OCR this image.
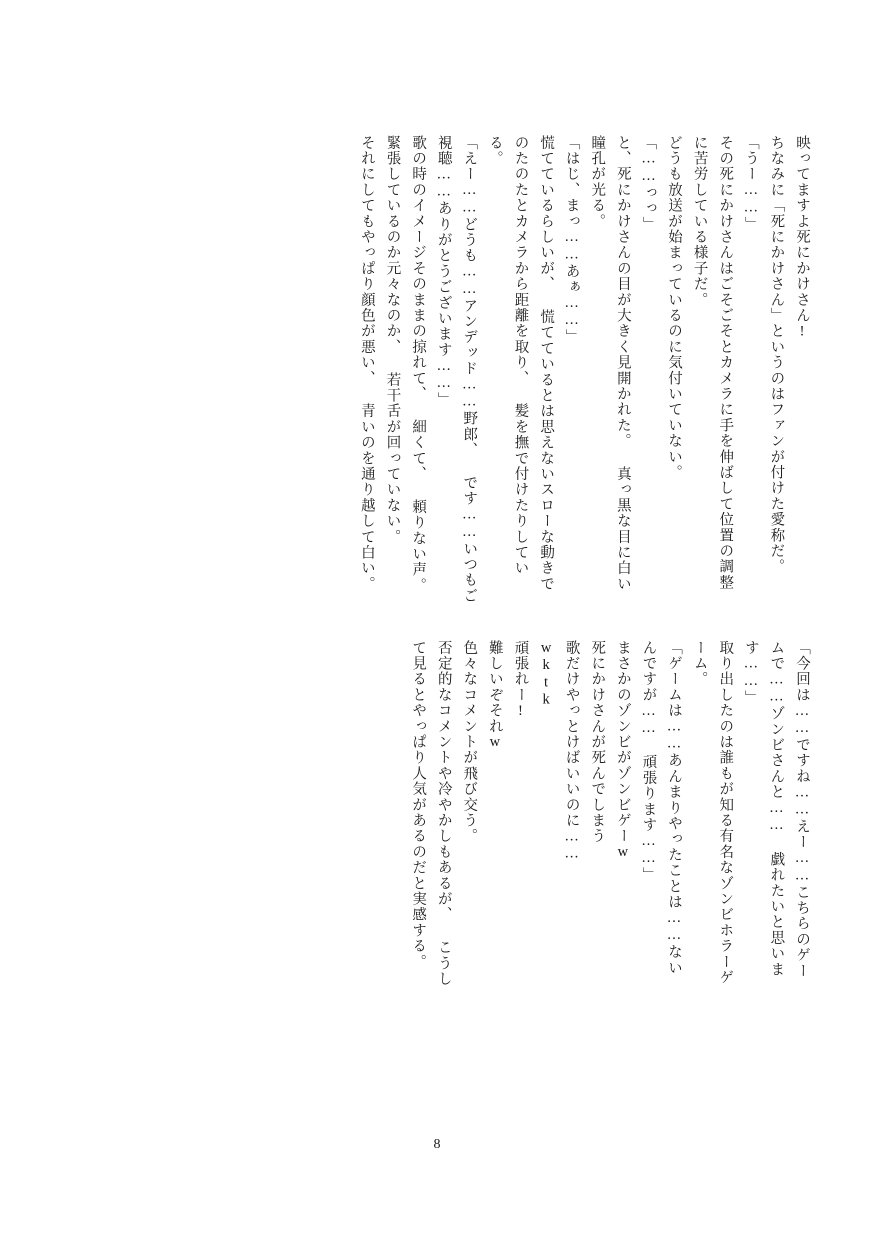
映ってますよ死にかけさん!

ちなみに「死にかけさん」というのはファンが付けた愛称だ。

「うー……」

その死にかけさんはごそごそとカメラに手を伸ばして位置の調整に苦労している様子だ。

どうも放送が始まっているのに気付いていない。

「……っっ」

と、死にかけさんの目が大きく見開かれた。 真っ黒な目に白い瞳孔が光る。

「はじ、まっ……あぁ……」

慌てているらしいが、 慌てているとは思えないスローな動きでのたのたとカメラから距離を取り、 髪を撫で付けたりしている。

「えー……どうも……アンデッド……野郎、 です……いつもご視聴……ありがとうございます……」

歌の時のイメージそのままの掠れて、 細くて、 頼りない声。

緊張しているのか元々なのか、 若干舌が回っていない。

それにしてもやっぱり顔色が悪い、 青いのを通り越して白い。

「今回は……ですね……えー……こちらのゲームで……ゾンビさんと…… 戯れたいと思います……」

取り出したのは誰もが知る有名なゾンビホラーゲーム。

「ゲームは……あんまりやったことは……ないんですが…… 頑張ります……」

まさかのゾンビがゾンビゲーw

死にかけさんが死んでしまう

歌だけやっとけばいいのに……

wktk

頑張れー!

難しいぞそれw

色々なコメントが飛び交う。

否定的なコメントや冷やかしもあるが、 こうして見るとやっぱり人気があるのだと実感する。

8
